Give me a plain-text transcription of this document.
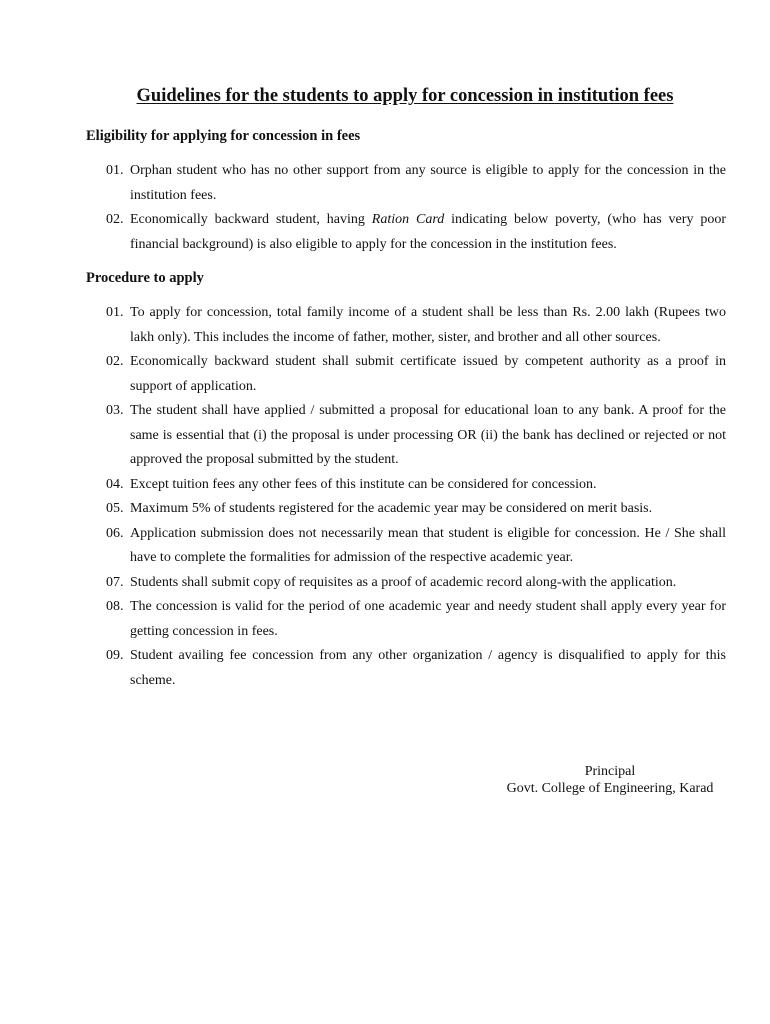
Guidelines for the students to apply for concession in institution fees
Eligibility for applying for concession in fees
01. Orphan student who has no other support from any source is eligible to apply for the concession in the institution fees.
02. Economically backward student, having Ration Card indicating below poverty, (who has very poor financial background) is also eligible to apply for the concession in the institution fees.
Procedure to apply
01. To apply for concession, total family income of a student shall be less than Rs. 2.00 lakh (Rupees two lakh only). This includes the income of father, mother, sister, and brother and all other sources.
02. Economically backward student shall submit certificate issued by competent authority as a proof in support of application.
03. The student shall have applied / submitted a proposal for educational loan to any bank. A proof for the same is essential that (i) the proposal is under processing OR (ii) the bank has declined or rejected or not approved the proposal submitted by the student.
04. Except tuition fees any other fees of this institute can be considered for concession.
05. Maximum 5% of students registered for the academic year may be considered on merit basis.
06. Application submission does not necessarily mean that student is eligible for concession. He / She shall have to complete the formalities for admission of the respective academic year.
07. Students shall submit copy of requisites as a proof of academic record along-with the application.
08. The concession is valid for the period of one academic year and needy student shall apply every year for getting concession in fees.
09. Student availing fee concession from any other organization / agency is disqualified to apply for this scheme.
Principal
Govt. College of Engineering, Karad
